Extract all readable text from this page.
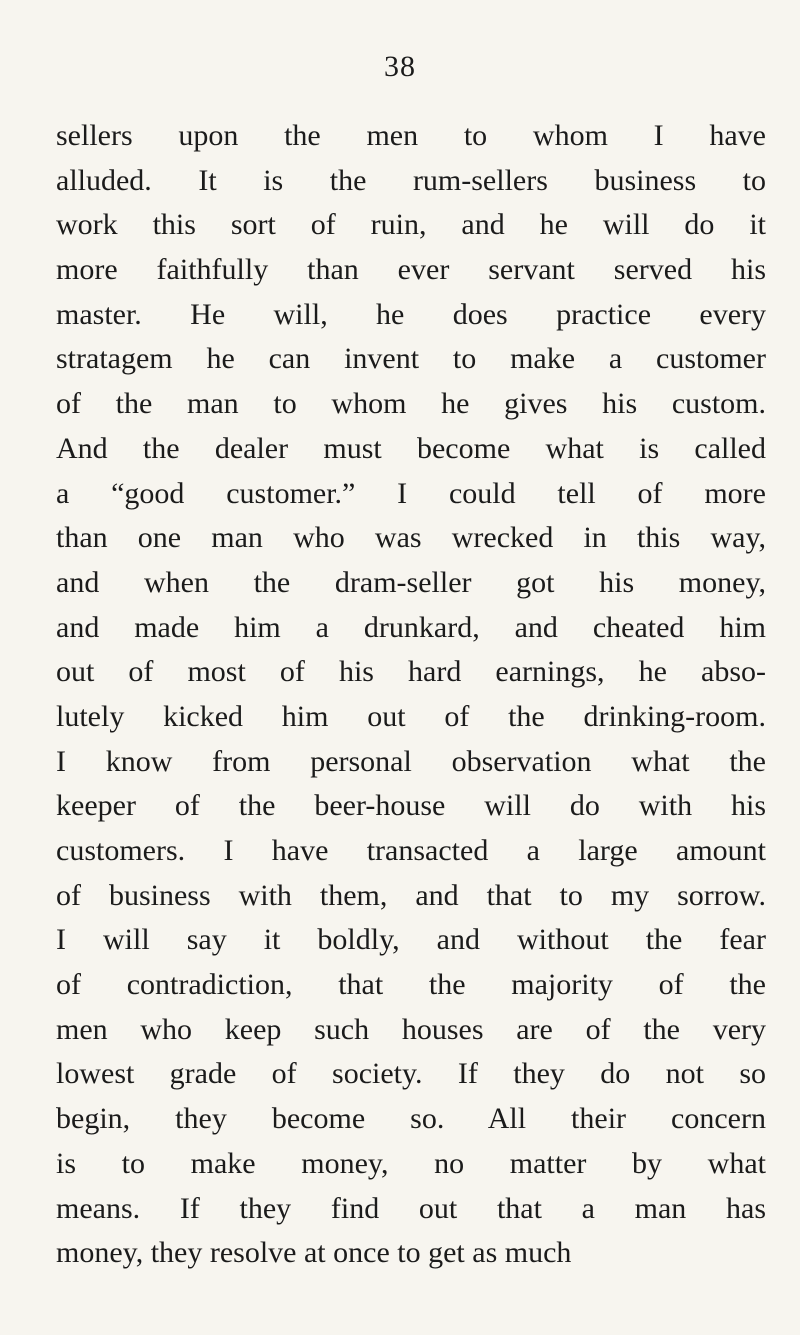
38
sellers upon the men to whom I have
alluded. It is the rum-sellers business to
work this sort of ruin, and he will do it
more faithfully than ever servant served his
master. He will, he does practice every
stratagem he can invent to make a customer
of the man to whom he gives his custom.
And the dealer must become what is called
a “good customer.” I could tell of more
than one man who was wrecked in this way,
and when the dram-seller got his money,
and made him a drunkard, and cheated him
out of most of his hard earnings, he abso-
lutely kicked him out of the drinking-room.
I know from personal observation what the
keeper of the beer-house will do with his
customers. I have transacted a large amount
of business with them, and that to my sorrow.
I will say it boldly, and without the fear
of contradiction, that the majority of the
men who keep such houses are of the very
lowest grade of society. If they do not so
begin, they become so. All their concern
is to make money, no matter by what
means. If they find out that a man has
money, they resolve at once to get as much
